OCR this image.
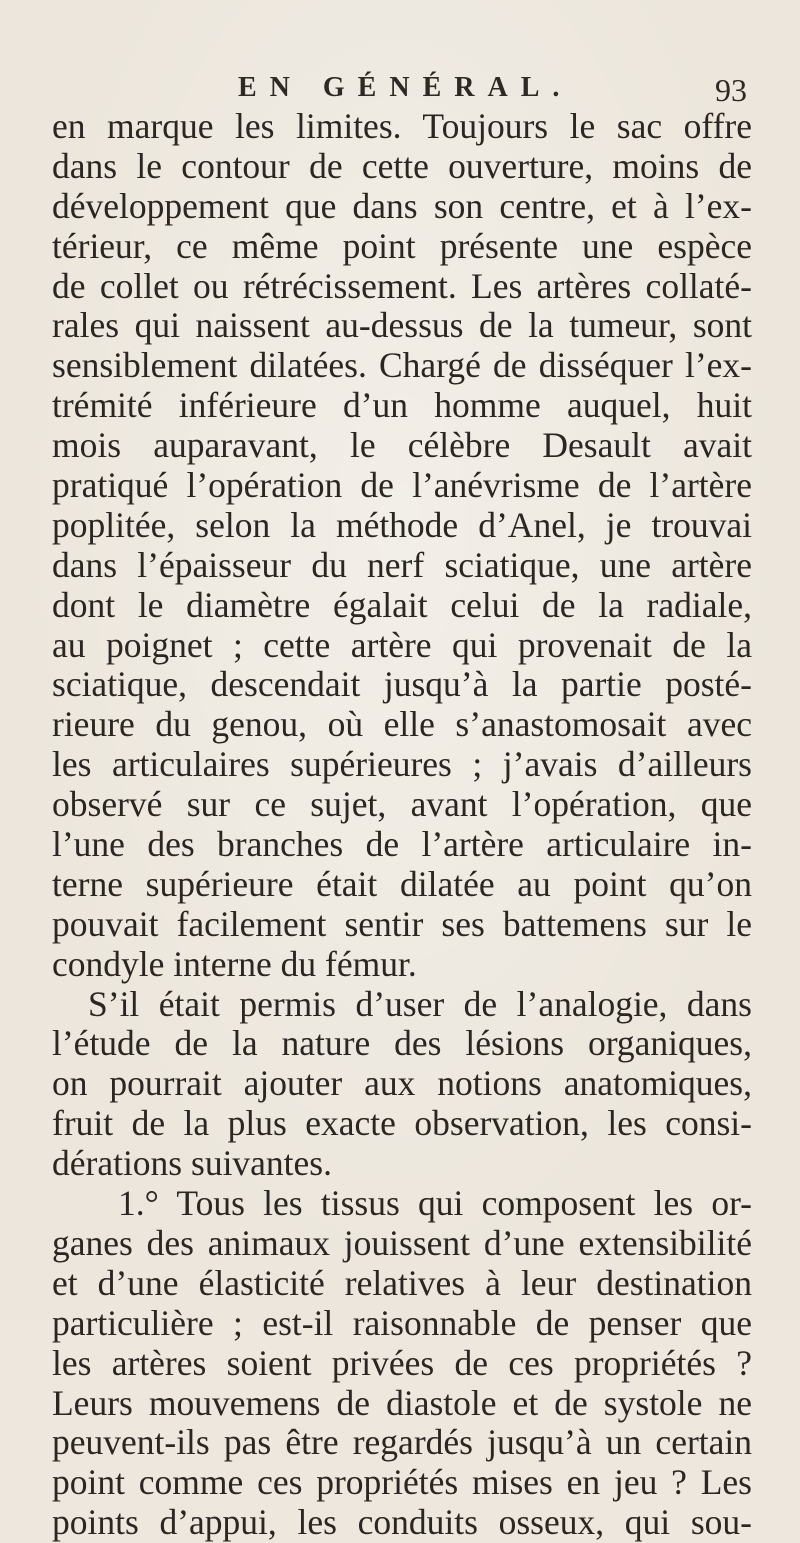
EN GÉNÉRAL.	93
en marque les limites. Toujours le sac offre
dans le contour de cette ouverture, moins de
développement que dans son centre, et à l’ex-
térieur, ce même point présente une espèce
de collet ou rétrécissement. Les artères collaté-
rales qui naissent au-dessus de la tumeur, sont
sensiblement dilatées. Chargé de disséquer l’ex-
trémité inférieure d’un homme auquel, huit
mois auparavant, le célèbre Desault avait
pratiqué l’opération de l’anévrisme de l’artère
poplitée, selon la méthode d’Anel, je trouvai
dans l’épaisseur du nerf sciatique, une artère
dont le diamètre égalait celui de la radiale,
au poignet ; cette artère qui provenait de la
sciatique, descendait jusqu’à la partie posté-
rieure du genou, où elle s’anastomosait avec
les articulaires supérieures ; j’avais d’ailleurs
observé sur ce sujet, avant l’opération, que
l’une des branches de l’artère articulaire in-
terne supérieure était dilatée au point qu’on
pouvait facilement sentir ses battemens sur le
condyle interne du fémur.
S’il était permis d’user de l’analogie, dans
l’étude de la nature des lésions organiques,
on pourrait ajouter aux notions anatomiques,
fruit de la plus exacte observation, les consi-
dérations suivantes.
1.° Tous les tissus qui composent les or-
ganes des animaux jouissent d’une extensibilité
et d’une élasticité relatives à leur destination
particulière ; est-il raisonnable de penser que
les artères soient privées de ces propriétés ?
Leurs mouvemens de diastole et de systole ne
peuvent-ils pas être regardés jusqu’à un certain
point comme ces propriétés mises en jeu ? Les
points d’appui, les conduits osseux, qui sou-
